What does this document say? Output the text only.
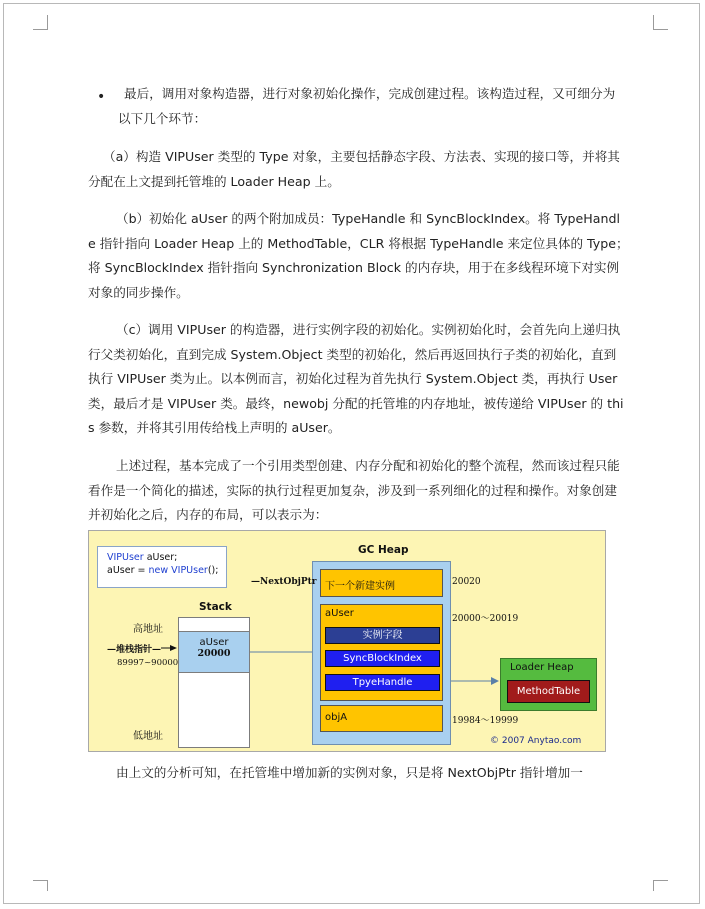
• 最后，调用对象构造器，进行对象初始化操作，完成创建过程。该构造过程，又可细分为
以下几个环节：
（a）构造 VIPUser 类型的 Type 对象，主要包括静态字段、方法表、实现的接口等，并将其
分配在上文提到托管堆的 Loader Heap 上。
（b）初始化 aUser 的两个附加成员：TypeHandle 和 SyncBlockIndex。将 TypeHandl
e 指针指向 Loader Heap 上的 MethodTable，CLR 将根据 TypeHandle 来定位具体的 Type；
将 SyncBlockIndex 指针指向 Synchronization Block 的内存块，用于在多线程环境下对实例
对象的同步操作。
（c）调用 VIPUser 的构造器，进行实例字段的初始化。实例初始化时，会首先向上递归执
行父类初始化，直到完成 System.Object 类型的初始化，然后再返回执行子类的初始化，直到
执行 VIPUser 类为止。以本例而言，初始化过程为首先执行 System.Object 类，再执行 User
类，最后才是 VIPUser 类。最终，newobj 分配的托管堆的内存地址，被传递给 VIPUser 的 thi
s 参数，并将其引用传给栈上声明的 aUser。
上述过程，基本完成了一个引用类型创建、内存分配和初始化的整个流程，然而该过程只能
看作是一个简化的描述，实际的执行过程更加复杂，涉及到一系列细化的过程和操作。对象创建
并初始化之后，内存的布局，可以表示为：
VIPUser aUser;
aUser = new VIPUser();
Stack
aUser
20000
高地址
低地址
—堆栈指针—
89997~90000
GC Heap
—NextObjPtr 下一个新建实例	20020
aUser	20000～20019
实例字段
SyncBlockIndex
TpyeHandle
objA	19984～19999
Loader Heap
MethodTable
© 2007 Anytao.com
由上文的分析可知，在托管堆中增加新的实例对象，只是将 NextObjPtr 指针增加一
